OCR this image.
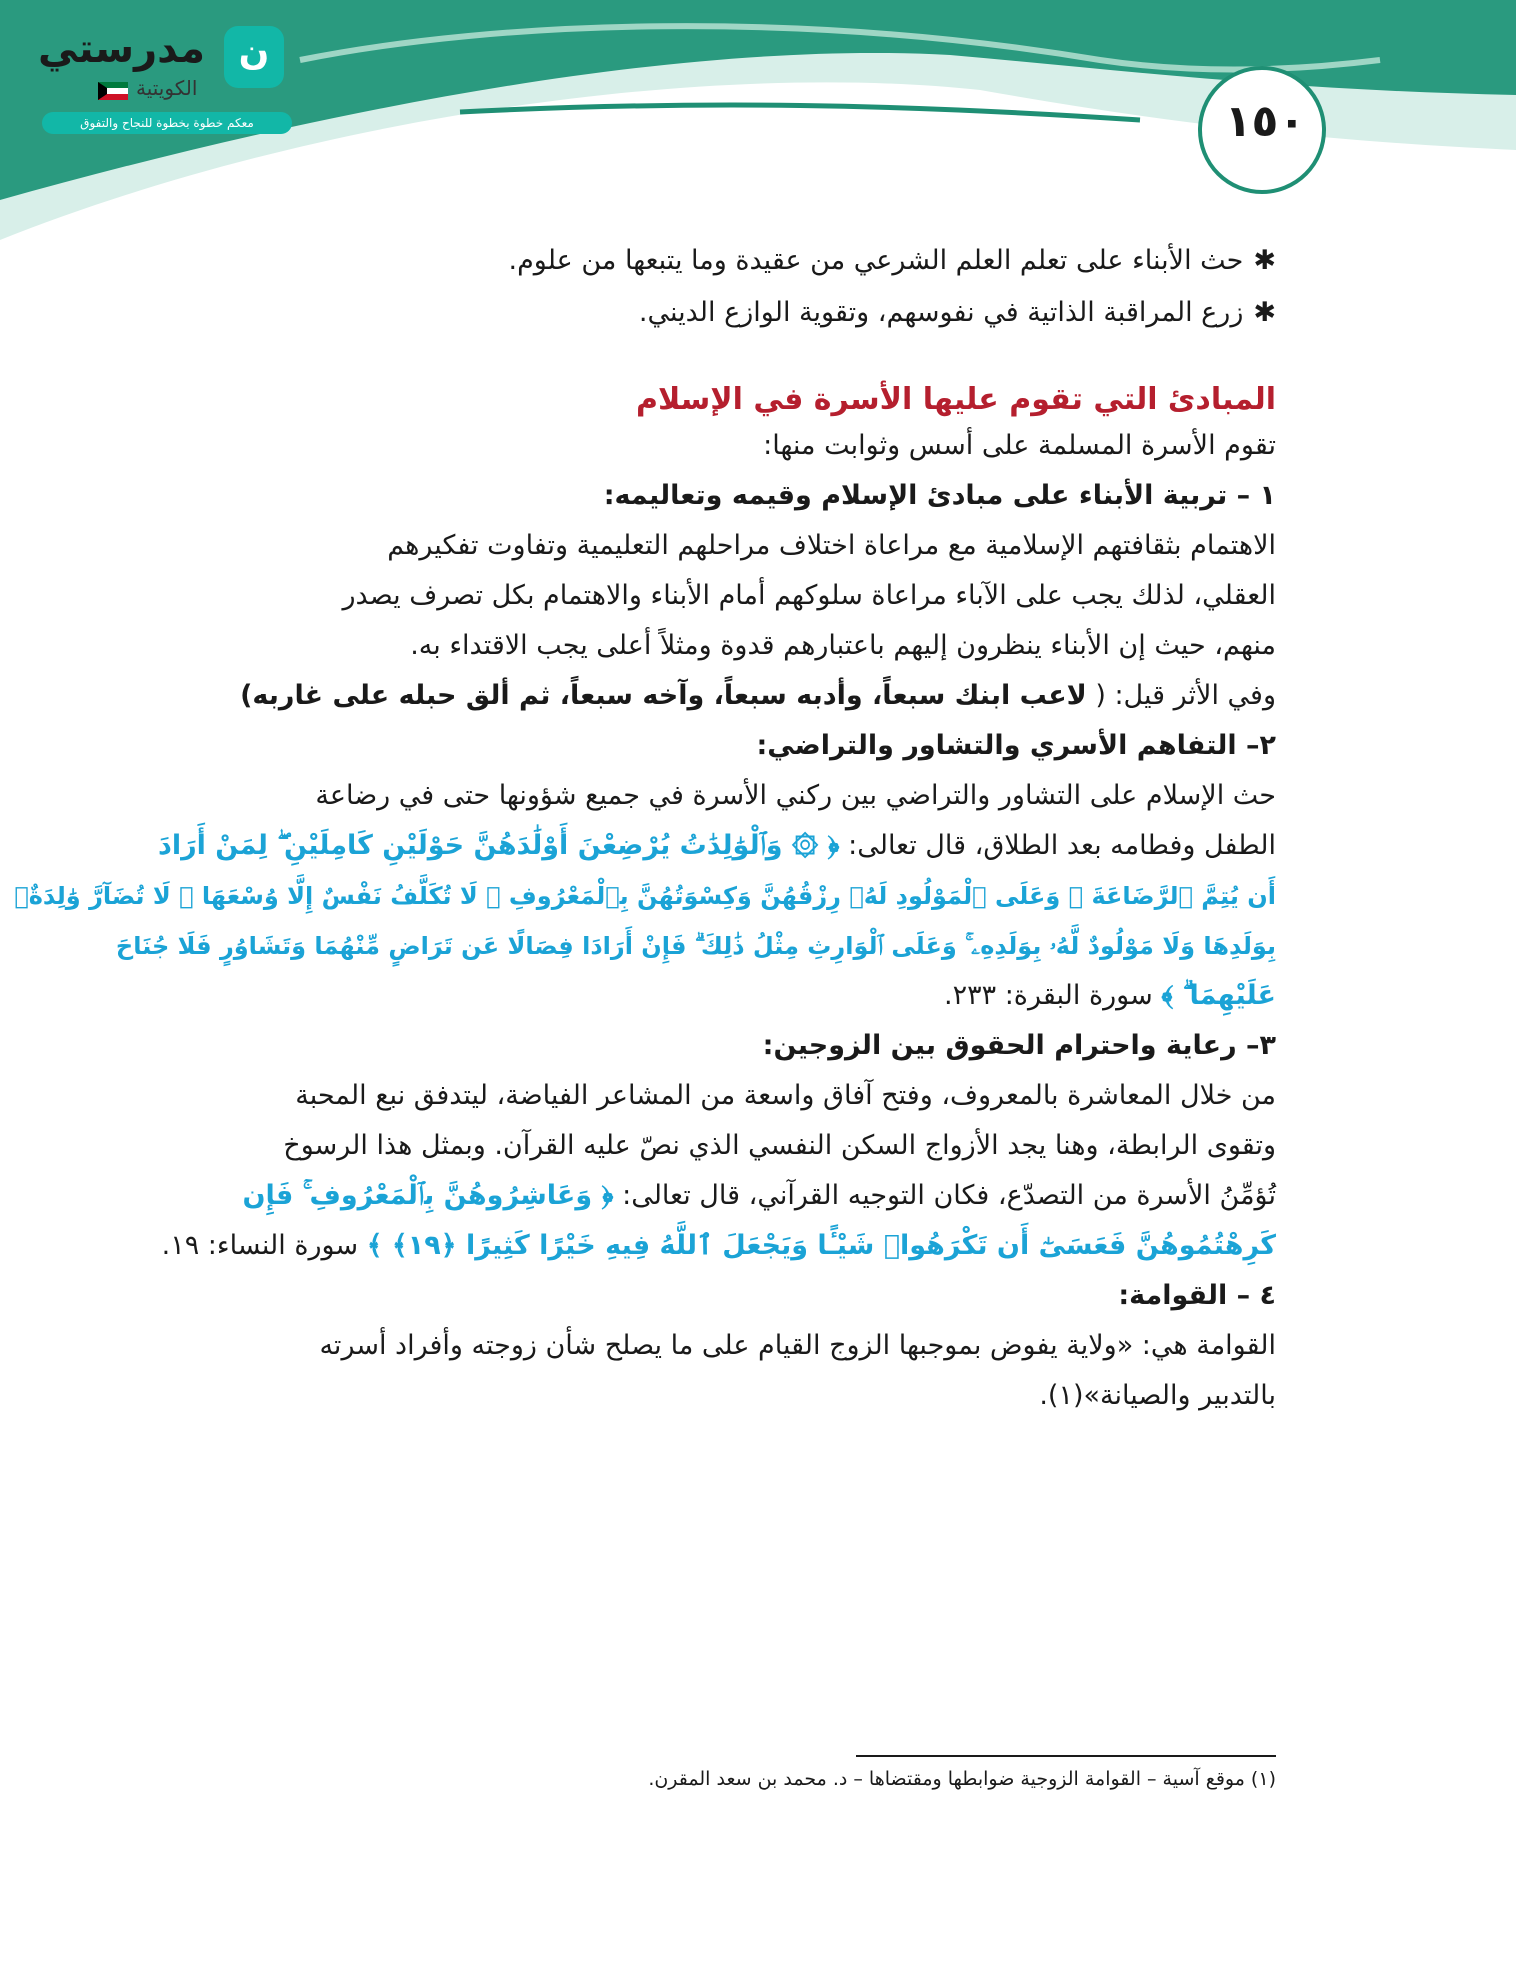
مدرستي
الكويتية
ن
معكم خطوة بخطوة للنجاح والتفوق	١٥٠
✱حث الأبناء على تعلم العلم الشرعي من عقيدة وما يتبعها من علوم.
✱زرع المراقبة الذاتية في نفوسهم، وتقوية الوازع الديني.
المبادئ التي تقوم عليها الأسرة في الإسلام
تقوم الأسرة المسلمة على أسس وثوابت منها:
١ – تربية الأبناء على مبادئ الإسلام وقيمه وتعاليمه:
الاهتمام بثقافتهم الإسلامية مع مراعاة اختلاف مراحلهم التعليمية وتفاوت تفكيرهم
العقلي، لذلك يجب على الآباء مراعاة سلوكهم أمام الأبناء والاهتمام بكل تصرف يصدر
منهم، حيث إن الأبناء ينظرون إليهم باعتبارهم قدوة ومثلاً أعلى يجب الاقتداء به.
وفي الأثر قيل: ( لاعب ابنك سبعاً، وأدبه سبعاً، وآخه سبعاً، ثم ألق حبله على غاربه)
٢– التفاهم الأسري والتشاور والتراضي:
حث الإسلام على التشاور والتراضي بين ركني الأسرة في جميع شؤونها حتى في رضاعة
الطفل وفطامه بعد الطلاق، قال تعالى: ﴿ ۞ وَٱلْوَٰلِدَٰتُ يُرْضِعْنَ أَوْلَٰدَهُنَّ حَوْلَيْنِ كَامِلَيْنِ ۖ لِمَنْ أَرَادَ
أَن يُتِمَّ ٱلرَّضَاعَةَ ۚ وَعَلَى ٱلْمَوْلُودِ لَهُۥ رِزْقُهُنَّ وَكِسْوَتُهُنَّ بِٱلْمَعْرُوفِ ۚ لَا تُكَلَّفُ نَفْسٌ إِلَّا وُسْعَهَا ۚ لَا تُضَآرَّ وَٰلِدَةٌۢ
بِوَلَدِهَا وَلَا مَوْلُودٌ لَّهُۥ بِوَلَدِهِۦ ۚ وَعَلَى ٱلْوَارِثِ مِثْلُ ذَٰلِكَ ۗ فَإِنْ أَرَادَا فِصَالًا عَن تَرَاضٍ مِّنْهُمَا وَتَشَاوُرٍ فَلَا جُنَاحَ
عَلَيْهِمَا ۗ ﴾ سورة البقرة: ٢٣٣.
٣– رعاية واحترام الحقوق بين الزوجين:
من خلال المعاشرة بالمعروف، وفتح آفاق واسعة من المشاعر الفياضة، ليتدفق نبع المحبة
وتقوى الرابطة، وهنا يجد الأزواج السكن النفسي الذي نصّ عليه القرآن. وبمثل هذا الرسوخ
تُؤمِّنُ الأسرة من التصدّع، فكان التوجيه القرآني، قال تعالى: ﴿ وَعَاشِرُوهُنَّ بِٱلْمَعْرُوفِ ۚ فَإِن
كَرِهْتُمُوهُنَّ فَعَسَىٰٓ أَن تَكْرَهُوا۟ شَيْـًٔا وَيَجْعَلَ ٱللَّهُ فِيهِ خَيْرًا كَثِيرًا ﴿١٩﴾ ﴾ سورة النساء: ١٩.
٤ – القوامة:
القوامة هي: «ولاية يفوض بموجبها الزوج القيام على ما يصلح شأن زوجته وأفراد أسرته
بالتدبير والصيانة»(١).
(١) موقع آسية – القوامة الزوجية ضوابطها ومقتضاها – د. محمد بن سعد المقرن.
